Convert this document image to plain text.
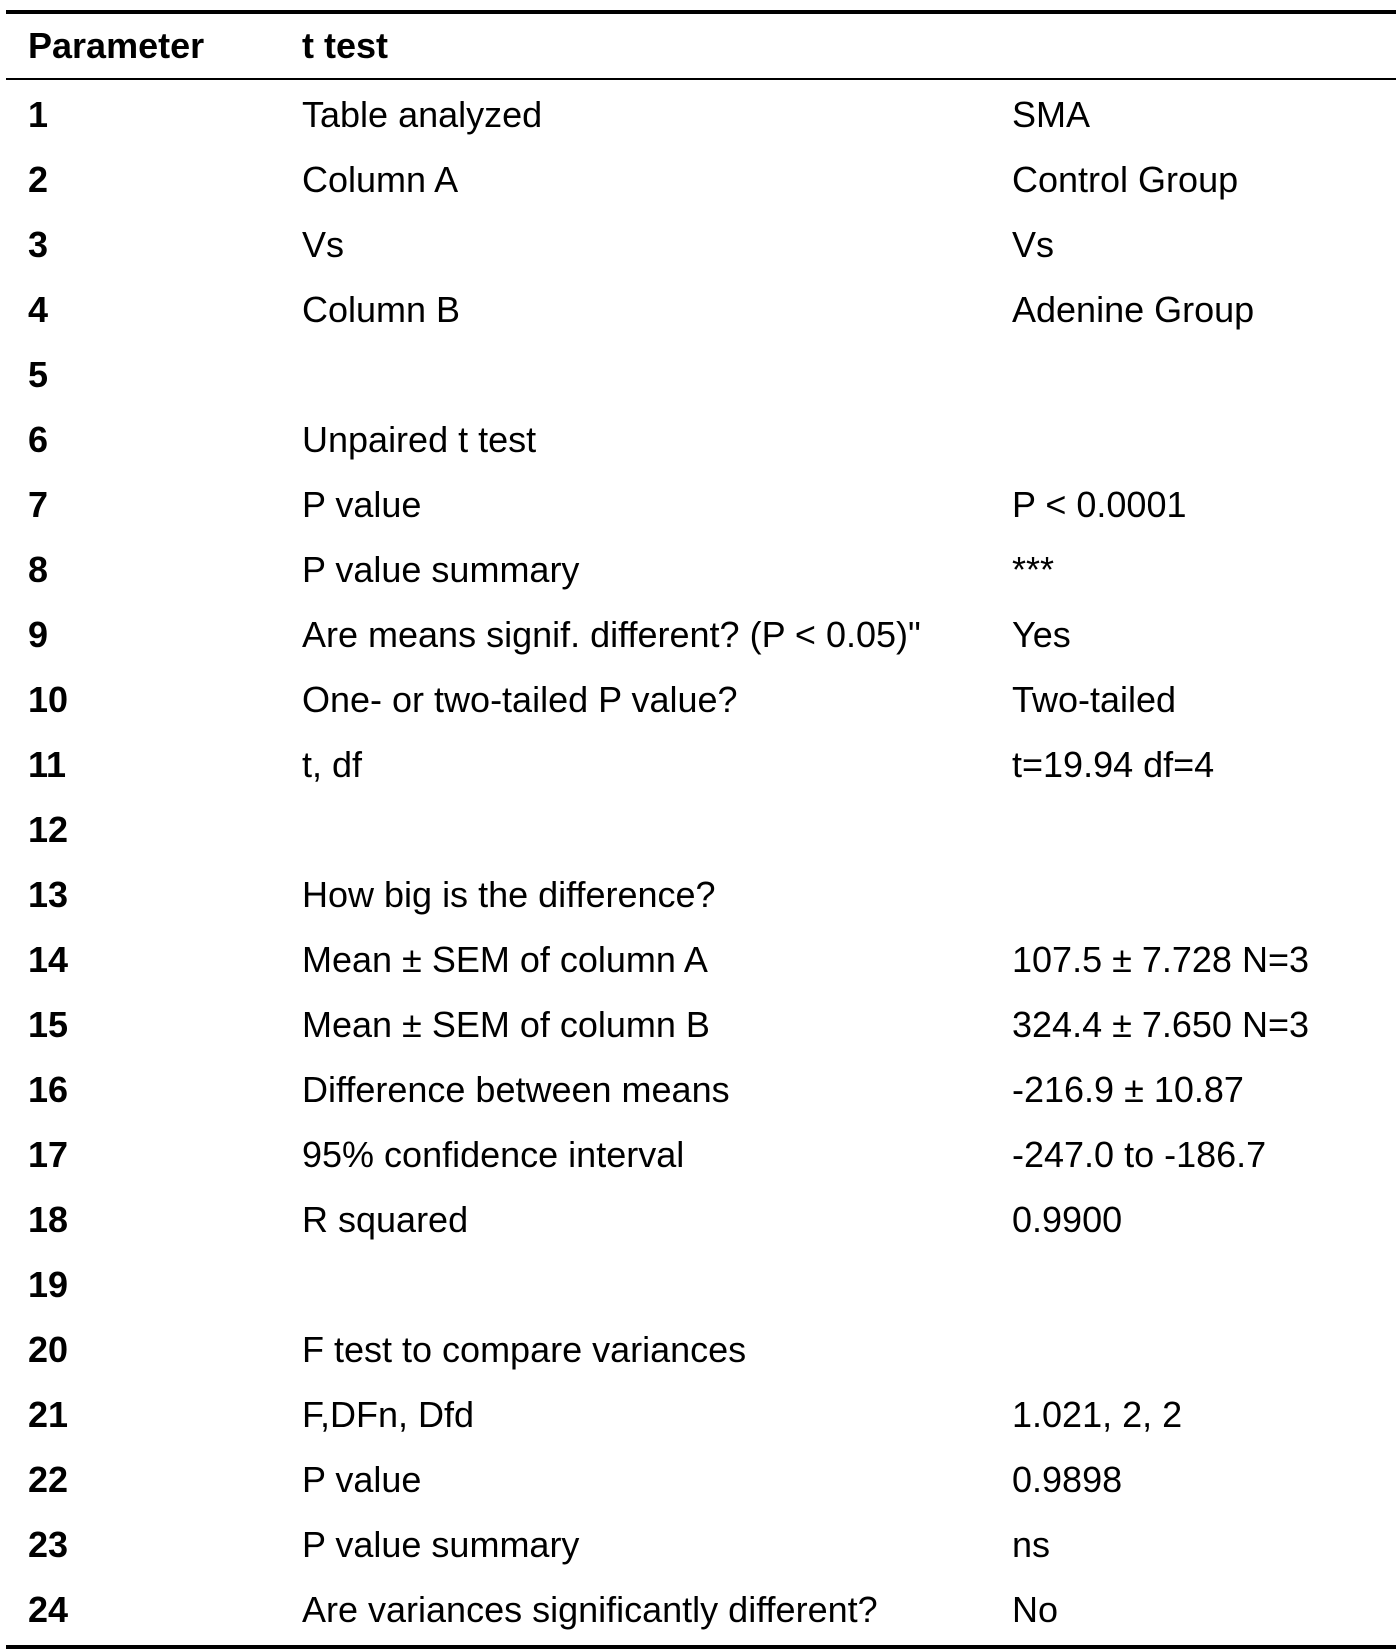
Parameter	t test
1	Table analyzed	SMA
2	Column A	Control Group
3	Vs	Vs
4	Column B	Adenine Group
5
6	Unpaired t test
7	P value	P < 0.0001
8	P value summary	***
9	Are means signif. different? (P < 0.05)"	Yes
10	One- or two-tailed P value?	Two-tailed
11	t, df	t=19.94 df=4
12
13	How big is the difference?
14	Mean ± SEM of column A	107.5 ± 7.728 N=3
15	Mean ± SEM of column B	324.4 ± 7.650 N=3
16	Difference between means	-216.9 ± 10.87
17	95% confidence interval	-247.0 to -186.7
18	R squared	0.9900
19
20	F test to compare variances
21	F,DFn, Dfd	1.021, 2, 2
22	P value	0.9898
23	P value summary	ns
24	Are variances significantly different?	No
